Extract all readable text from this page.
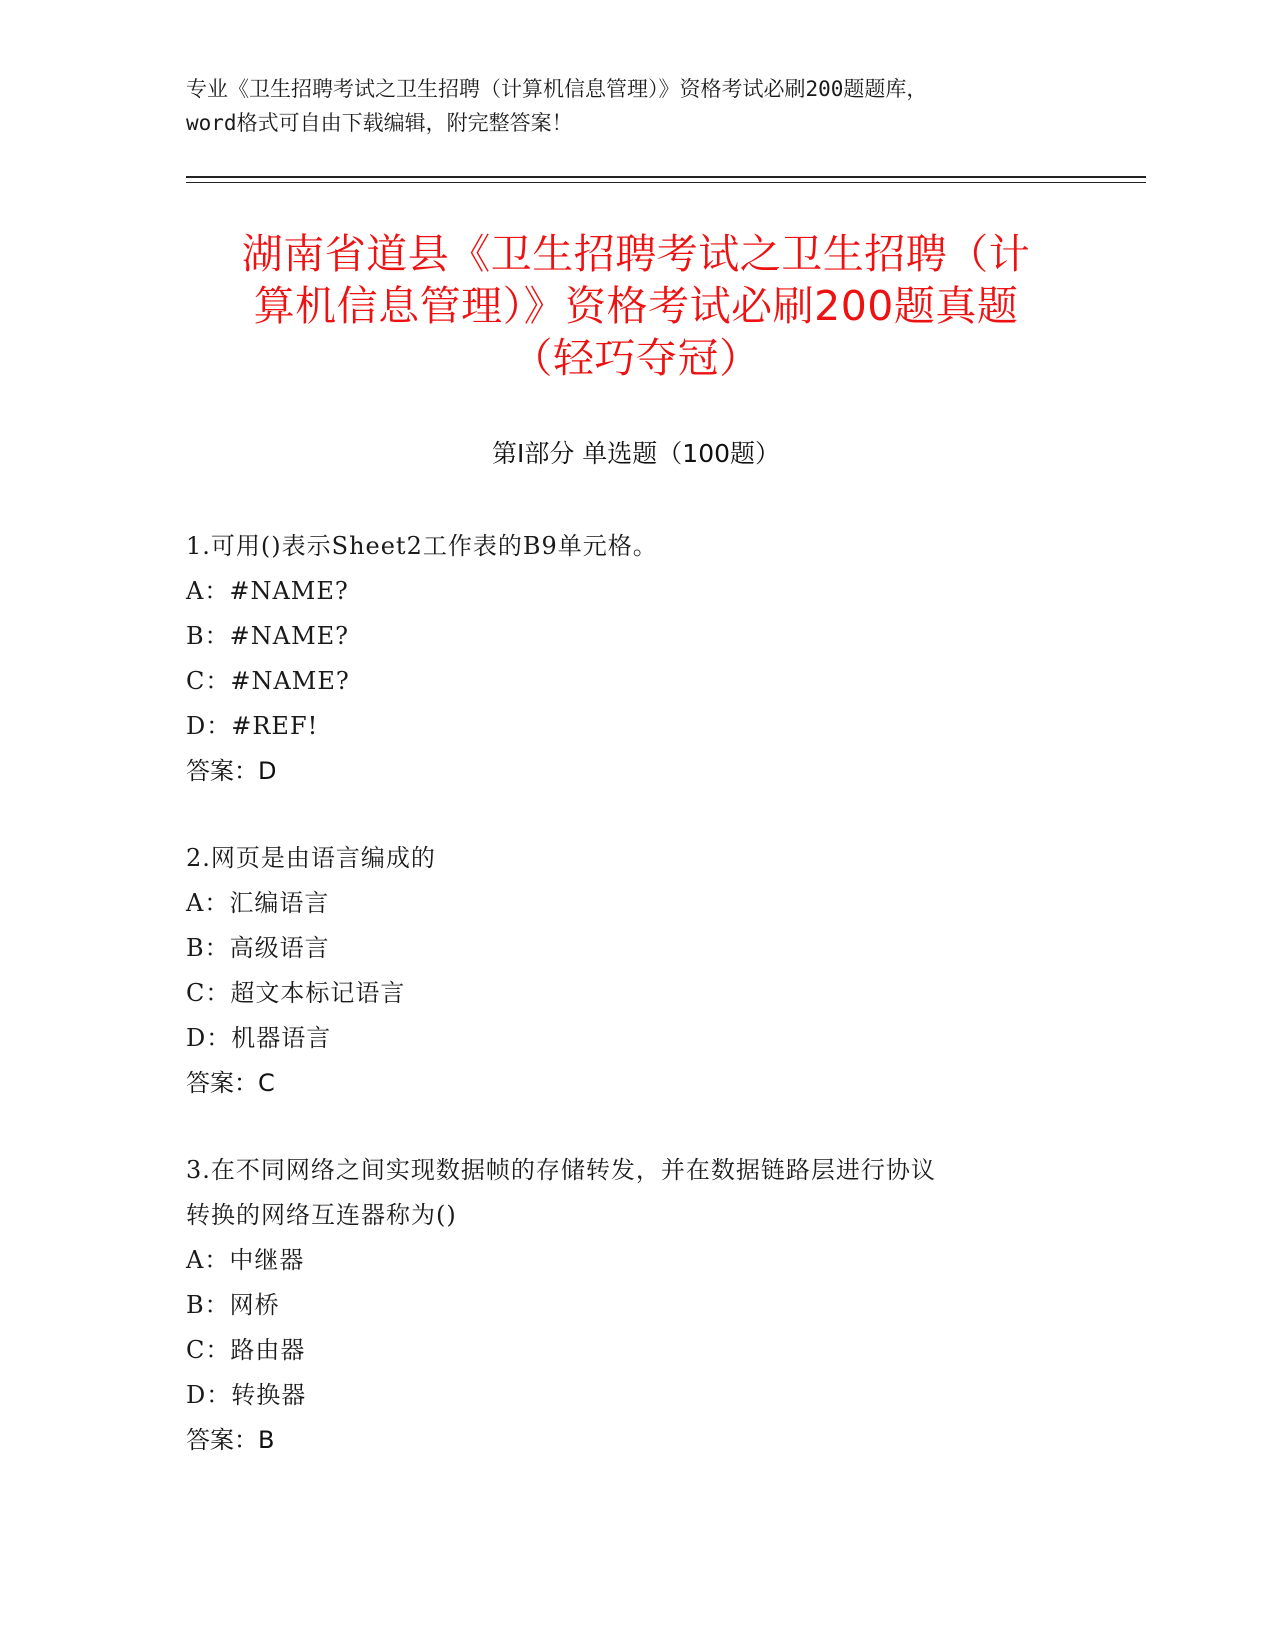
专业《卫生招聘考试之卫生招聘（计算机信息管理）》资格考试必刷200题题库，
word格式可自由下载编辑，附完整答案！
湖南省道县《卫生招聘考试之卫生招聘（计
算机信息管理）》资格考试必刷200题真题
（轻巧夺冠）
第I部分 单选题（100题）
1.可用()表示Sheet2工作表的B9单元格。
A：#NAME?
B：#NAME?
C：#NAME?
D：#REF!
答案：D
2.网页是由语言编成的
A：汇编语言
B：高级语言
C：超文本标记语言
D：机器语言
答案：C
3.在不同网络之间实现数据帧的存储转发，并在数据链路层进行协议
转换的网络互连器称为()
A：中继器
B：网桥
C：路由器
D：转换器
答案：B
